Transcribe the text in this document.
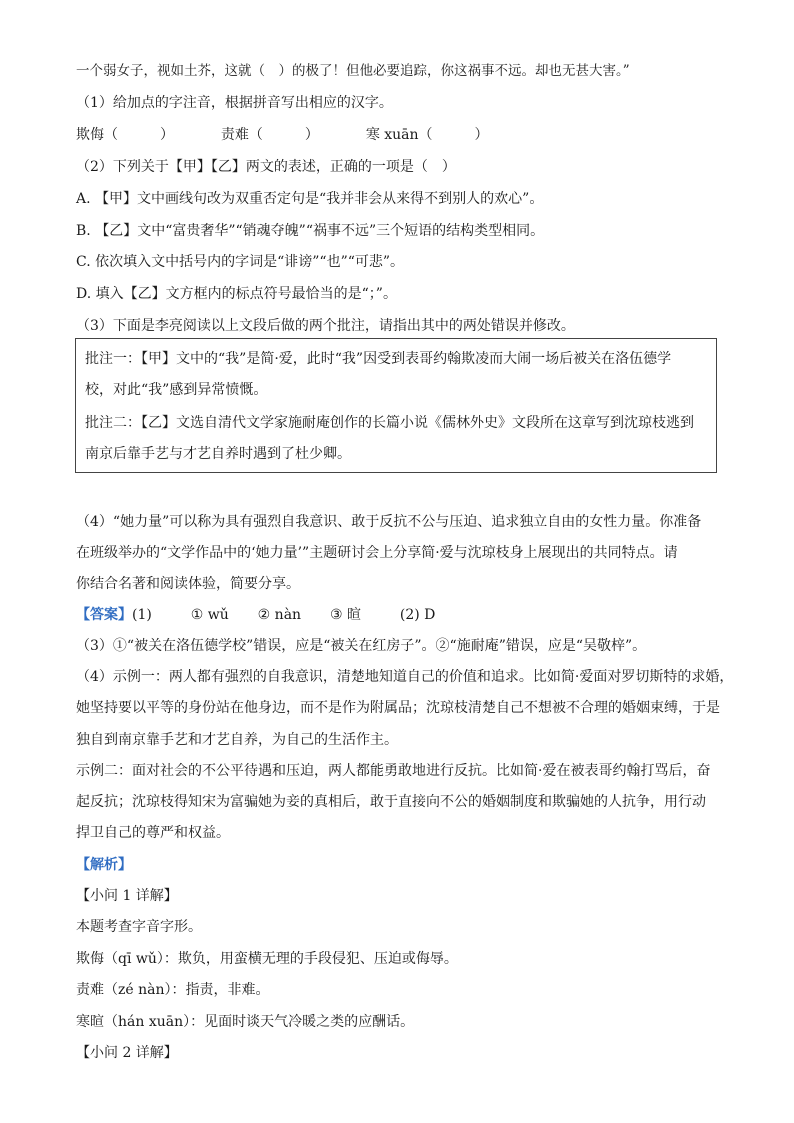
一个弱女子，视如土芥，这就（　）的极了！但他必要追踪，你这祸事不远。却也无甚大害。”
（1）给加点的字注音，根据拼音写出相应的汉字。
欺侮（　　　）	责难（　　　）	寒 xuān（　　　）
（2）下列关于【甲】【乙】两文的表述，正确的一项是（　）
A. 【甲】文中画线句改为双重否定句是“我并非会从来得不到别人的欢心”。
B. 【乙】文中“富贵奢华”“销魂夺魄”“祸事不远”三个短语的结构类型相同。
C. 依次填入文中括号内的字词是“诽谤”“也”“可悲”。
D. 填入【乙】文方框内的标点符号最恰当的是“；”。
（3）下面是李亮阅读以上文段后做的两个批注，请指出其中的两处错误并修改。
批注一：【甲】文中的“我”是简·爱，此时“我”因受到表哥约翰欺凌而大闹一场后被关在洛伍德学
校，对此“我”感到异常愤慨。
批注二：【乙】文选自清代文学家施耐庵创作的长篇小说《儒林外史》文段所在这章写到沈琼枝逃到
南京后靠手艺与才艺自养时遇到了杜少卿。
（4）“她力量”可以称为具有强烈自我意识、敢于反抗不公与压迫、追求独立自由的女性力量。你准备
在班级举办的“文学作品中的‘她力量’”主题研讨会上分享简·爱与沈琼枝身上展现出的共同特点。请
你结合名著和阅读体验，简要分享。
【答案】(1)	① wǔ ② nàn ③ 暄	(2) D
（3）①“被关在洛伍德学校”错误，应是“被关在红房子”。②“施耐庵”错误，应是“吴敬梓”。
（4）示例一：两人都有强烈的自我意识，清楚地知道自己的价值和追求。比如简·爱面对罗切斯特的求婚，
她坚持要以平等的身份站在他身边，而不是作为附属品；沈琼枝清楚自己不想被不合理的婚姻束缚，于是
独自到南京靠手艺和才艺自养，为自己的生活作主。
示例二：面对社会的不公平待遇和压迫，两人都能勇敢地进行反抗。比如简·爱在被表哥约翰打骂后，奋
起反抗；沈琼枝得知宋为富骗她为妾的真相后，敢于直接向不公的婚姻制度和欺骗她的人抗争，用行动
捍卫自己的尊严和权益。
【解析】
【小问 1 详解】
本题考查字音字形。
欺侮（qī wǔ）：欺负，用蛮横无理的手段侵犯、压迫或侮辱。
责难（zé nàn）：指责，非难。
寒暄（hán xuān）：见面时谈天气冷暖之类的应酬话。
【小问 2 详解】
